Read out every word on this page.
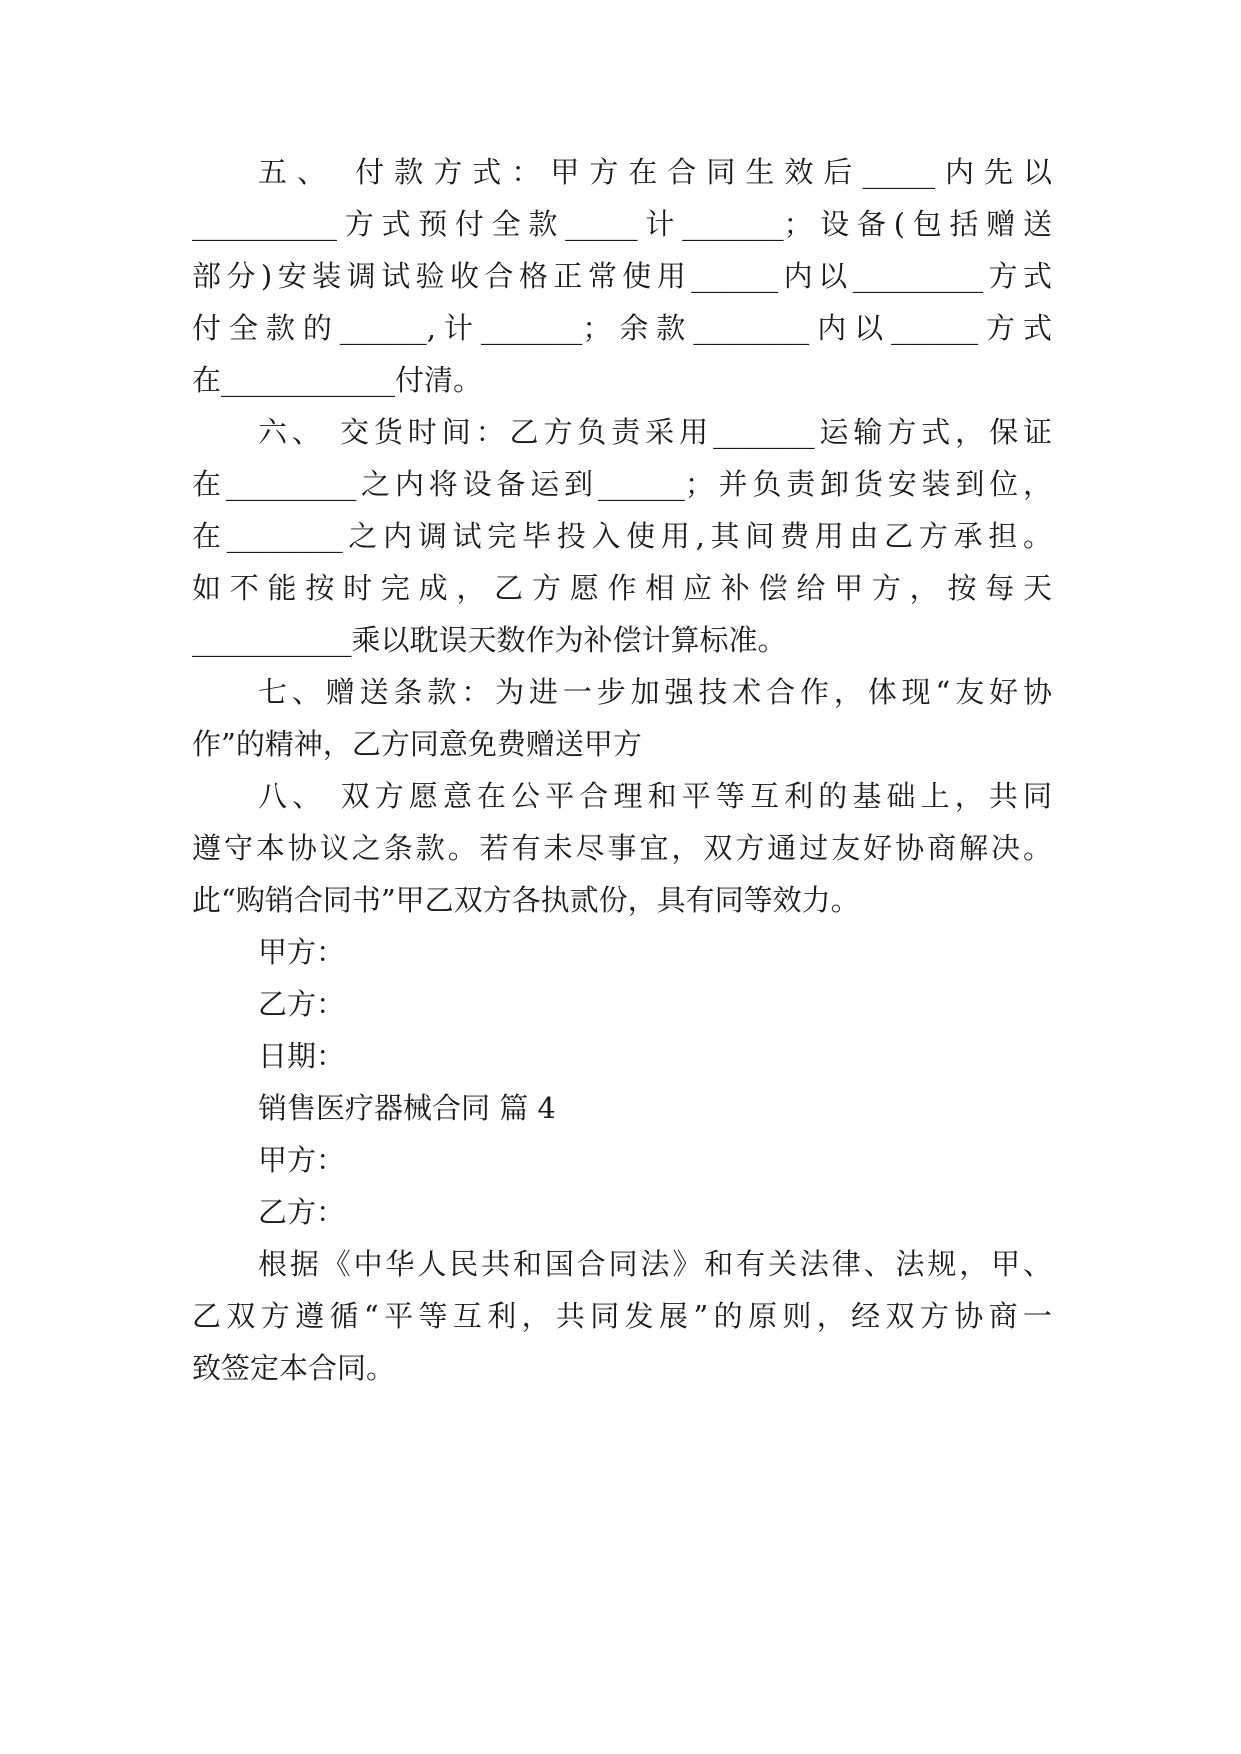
五、 付款方式：甲方在合同生效后_____内先以
__________方式预付全款_____计_______；设备(包括赠送
部分)安装调试验收合格正常使用______内以_________方式
付全款的______,计_______；余款________内以______方式
在____________付清。
六、 交货时间：乙方负责采用_______运输方式，保证
在_________之内将设备运到______；并负责卸货安装到位，
在________之内调试完毕投入使用,其间费用由乙方承担。
如不能按时完成，乙方愿作相应补偿给甲方，按每天
___________乘以耽误天数作为补偿计算标准。
七、赠送条款：为进一步加强技术合作，体现“友好协
作”的精神，乙方同意免费赠送甲方
八、 双方愿意在公平合理和平等互利的基础上，共同
遵守本协议之条款。若有未尽事宜，双方通过友好协商解决。
此“购销合同书”甲乙双方各执贰份，具有同等效力。
甲方：
乙方：
日期：
销售医疗器械合同 篇 4
甲方：
乙方：
根据《中华人民共和国合同法》和有关法律、法规，甲、
乙双方遵循“平等互利，共同发展”的原则，经双方协商一
致签定本合同。
